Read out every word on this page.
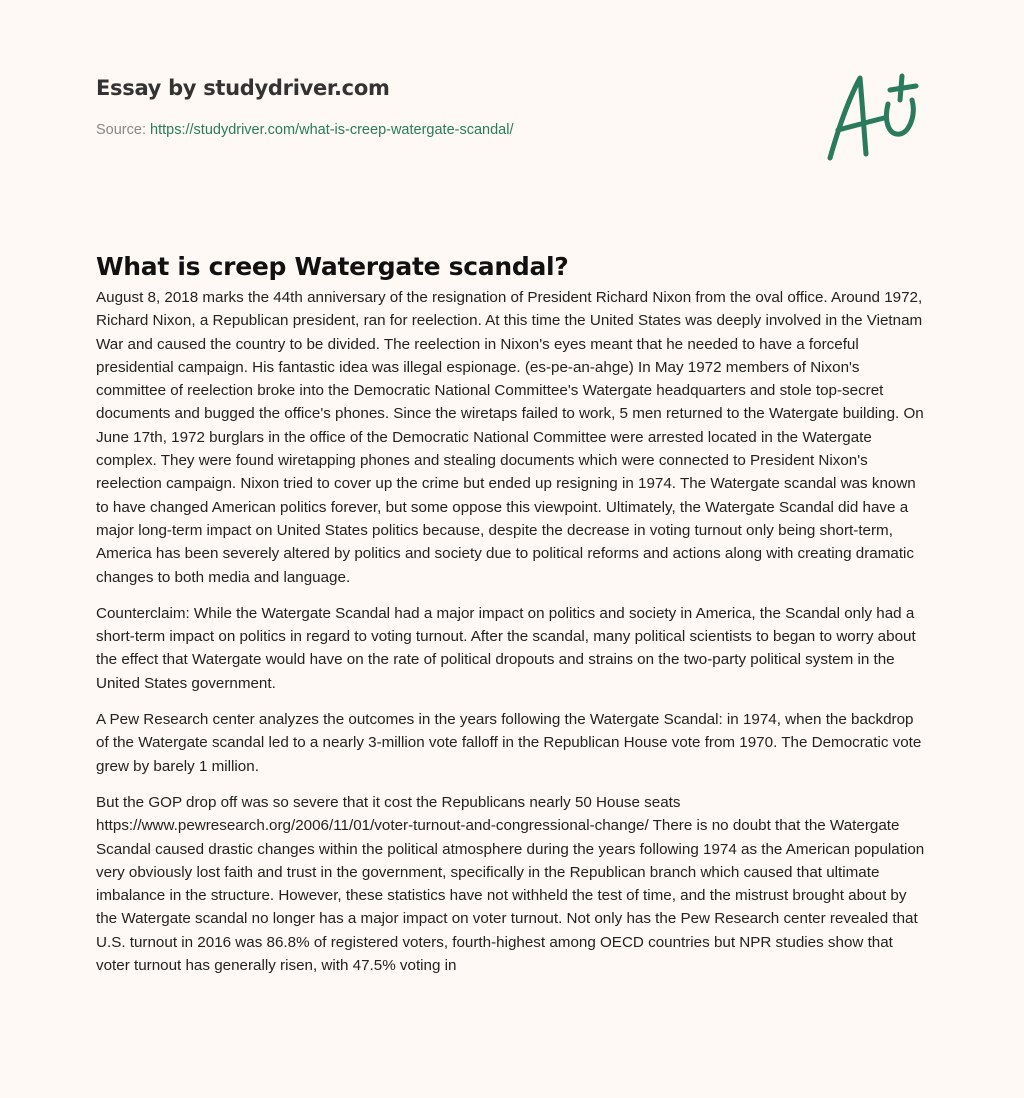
Essay by studydriver.com
Source: https://studydriver.com/what-is-creep-watergate-scandal/
What is creep Watergate scandal?

August 8, 2018 marks the 44th anniversary of the resignation of President Richard Nixon from the oval office. Around 1972, Richard Nixon, a Republican president, ran for reelection. At this time the United States was deeply involved in the Vietnam War and caused the country to be divided. The reelection in Nixon's eyes meant that he needed to have a forceful presidential campaign. His fantastic idea was illegal espionage. (es-pe-an-ahge) In May 1972 members of Nixon's committee of reelection broke into the Democratic National Committee's Watergate headquarters and stole top-secret documents and bugged the office's phones. Since the wiretaps failed to work, 5 men returned to the Watergate building. On June 17th, 1972 burglars in the office of the Democratic National Committee were arrested located in the Watergate complex. They were found wiretapping phones and stealing documents which were connected to President Nixon's reelection campaign. Nixon tried to cover up the crime but ended up resigning in 1974. The Watergate scandal was known to have changed American politics forever, but some oppose this viewpoint. Ultimately, the Watergate Scandal did have a major long-term impact on United States politics because, despite the decrease in voting turnout only being short-term, America has been severely altered by politics and society due to political reforms and actions along with creating dramatic changes to both media and language.

Counterclaim: While the Watergate Scandal had a major impact on politics and society in America, the Scandal only had a short-term impact on politics in regard to voting turnout. After the scandal, many political scientists to began to worry about the effect that Watergate would have on the rate of political dropouts and strains on the two-party political system in the United States government.

A Pew Research center analyzes the outcomes in the years following the Watergate Scandal: in 1974, when the backdrop of the Watergate scandal led to a nearly 3-million vote falloff in the Republican House vote from 1970. The Democratic vote grew by barely 1 million.

But the GOP drop off was so severe that it cost the Republicans nearly 50 House seats https://www.pewresearch.org/2006/11/01/voter-turnout-and-congressional-change/ There is no doubt that the Watergate Scandal caused drastic changes within the political atmosphere during the years following 1974 as the American population very obviously lost faith and trust in the government, specifically in the Republican branch which caused that ultimate imbalance in the structure. However, these statistics have not withheld the test of time, and the mistrust brought about by the Watergate scandal no longer has a major impact on voter turnout. Not only has the Pew Research center revealed that U.S. turnout in 2016 was 86.8% of registered voters, fourth-highest among OECD countries but NPR studies show that voter turnout has generally risen, with 47.5% voting in
